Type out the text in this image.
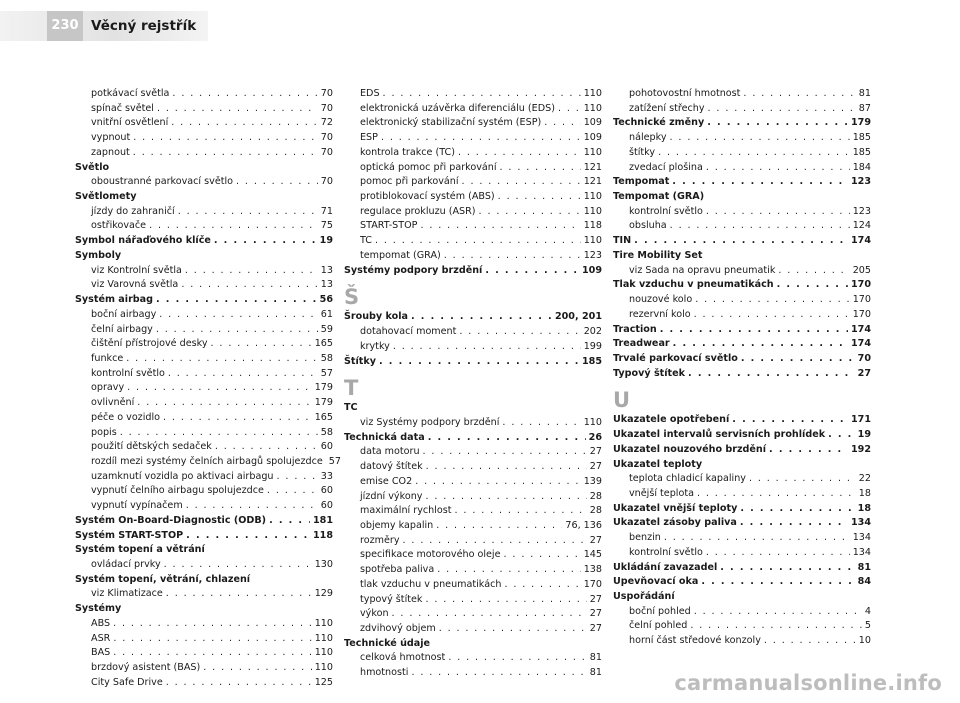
230 Věcný rejstřík
potkávací světla . . .	70
spínač světel . . .	70
vnitřní osvětlení . . .	72
vypnout . . .	70
zapnout . . .	70
Světlo
oboustranné parkovací světlo . . .	70
Světlomety
jízdy do zahraničí . . .	71
ostřikovače . . .	75
Symbol nářaďového klíče . . .	19
Symboly
viz Kontrolní světla . . .	13
viz Varovná světla . . .	13
Systém airbag . . .	56
boční airbagy . . .	61
čelní airbagy . . .	59
čištění přístrojové desky . . .	165
funkce . . .	58
kontrolní světlo . . .	57
opravy . . .	179
ovlivnění . . .	179
péče o vozidlo . . .	165
popis . . .	58
použití dětských sedaček . . .	60
rozdíl mezi systémy čelních airbagů spolujezdce 57
uzamknutí vozidla po aktivaci airbagu . . .	33
vypnutí čelního airbagu spolujezdce . . .	60
vypnutí vypínačem . . .	60
Systém On-Board-Diagnostic (ODB) . . .	181
Systém START-STOP . . .	118
Systém topení a větrání
ovládací prvky . . .	130
Systém topení, větrání, chlazení
viz Klimatizace . . .	129
Systémy
ABS . . .	110
ASR . . .	110
BAS . . .	110
brzdový asistent (BAS) . . .	110
City Safe Drive . . .	125
EDS . . .	110
elektronická uzávěrka diferenciálu (EDS) . . .	110
elektronický stabilizační systém (ESP) . . .	109
ESP . . .	109
kontrola trakce (TC) . . .	110
optická pomoc při parkování . . .	121
pomoc při parkování . . .	121
protiblokovací systém (ABS) . . .	110
regulace prokluzu (ASR) . . .	110
START-STOP . . .	118
TC . . .	110
tempomat (GRA) . . .	123
Systémy podpory brzdění . . .	109
Š
Šrouby kola . . .	200, 201
dotahovací moment . . .	202
krytky . . .	199
Štítky . . .	185
T
TC
viz Systémy podpory brzdění . . .	110
Technická data . . .	26
data motoru . . .	27
datový štítek . . .	27
emise CO2 . . .	139
jízdní výkony . . .	28
maximální rychlost . . .	28
objemy kapalin . . .	76, 136
rozměry . . .	27
specifikace motorového oleje . . .	145
spotřeba paliva . . .	138
tlak vzduchu v pneumatikách . . .	170
typový štítek . . .	27
výkon . . .	27
zdvihový objem . . .	27
Technické údaje
celková hmotnost . . .	81
hmotnosti . . .	81
pohotovostní hmotnost . . .	81
zatížení střechy . . .	87
Technické změny . . .	179
nálepky . . .	185
štítky . . .	185
zvedací plošina . . .	184
Tempomat . . .	123
Tempomat (GRA)
kontrolní světlo . . .	123
obsluha . . .	124
TIN . . .	174
Tire Mobility Set
viz Sada na opravu pneumatik . . .	205
Tlak vzduchu v pneumatikách . . .	170
nouzové kolo . . .	170
rezervní kolo . . .	170
Traction . . .	174
Treadwear . . .	174
Trvalé parkovací světlo . . .	70
Typový štítek . . .	27
U
Ukazatele opotřebení . . .	171
Ukazatel intervalů servisních prohlídek . . .	19
Ukazatel nouzového brzdění . . .	192
Ukazatel teploty
teplota chladicí kapaliny . . .	22
vnější teplota . . .	18
Ukazatel vnější teploty . . .	18
Ukazatel zásoby paliva . . .	134
benzin . . .	134
kontrolní světlo . . .	134
Ukládání zavazadel . . .	81
Upevňovací oka . . .	84
Uspořádání
boční pohled . . .	4
čelní pohled . . .	5
horní část středové konzoly . . .	10
carmanualsonline.info
